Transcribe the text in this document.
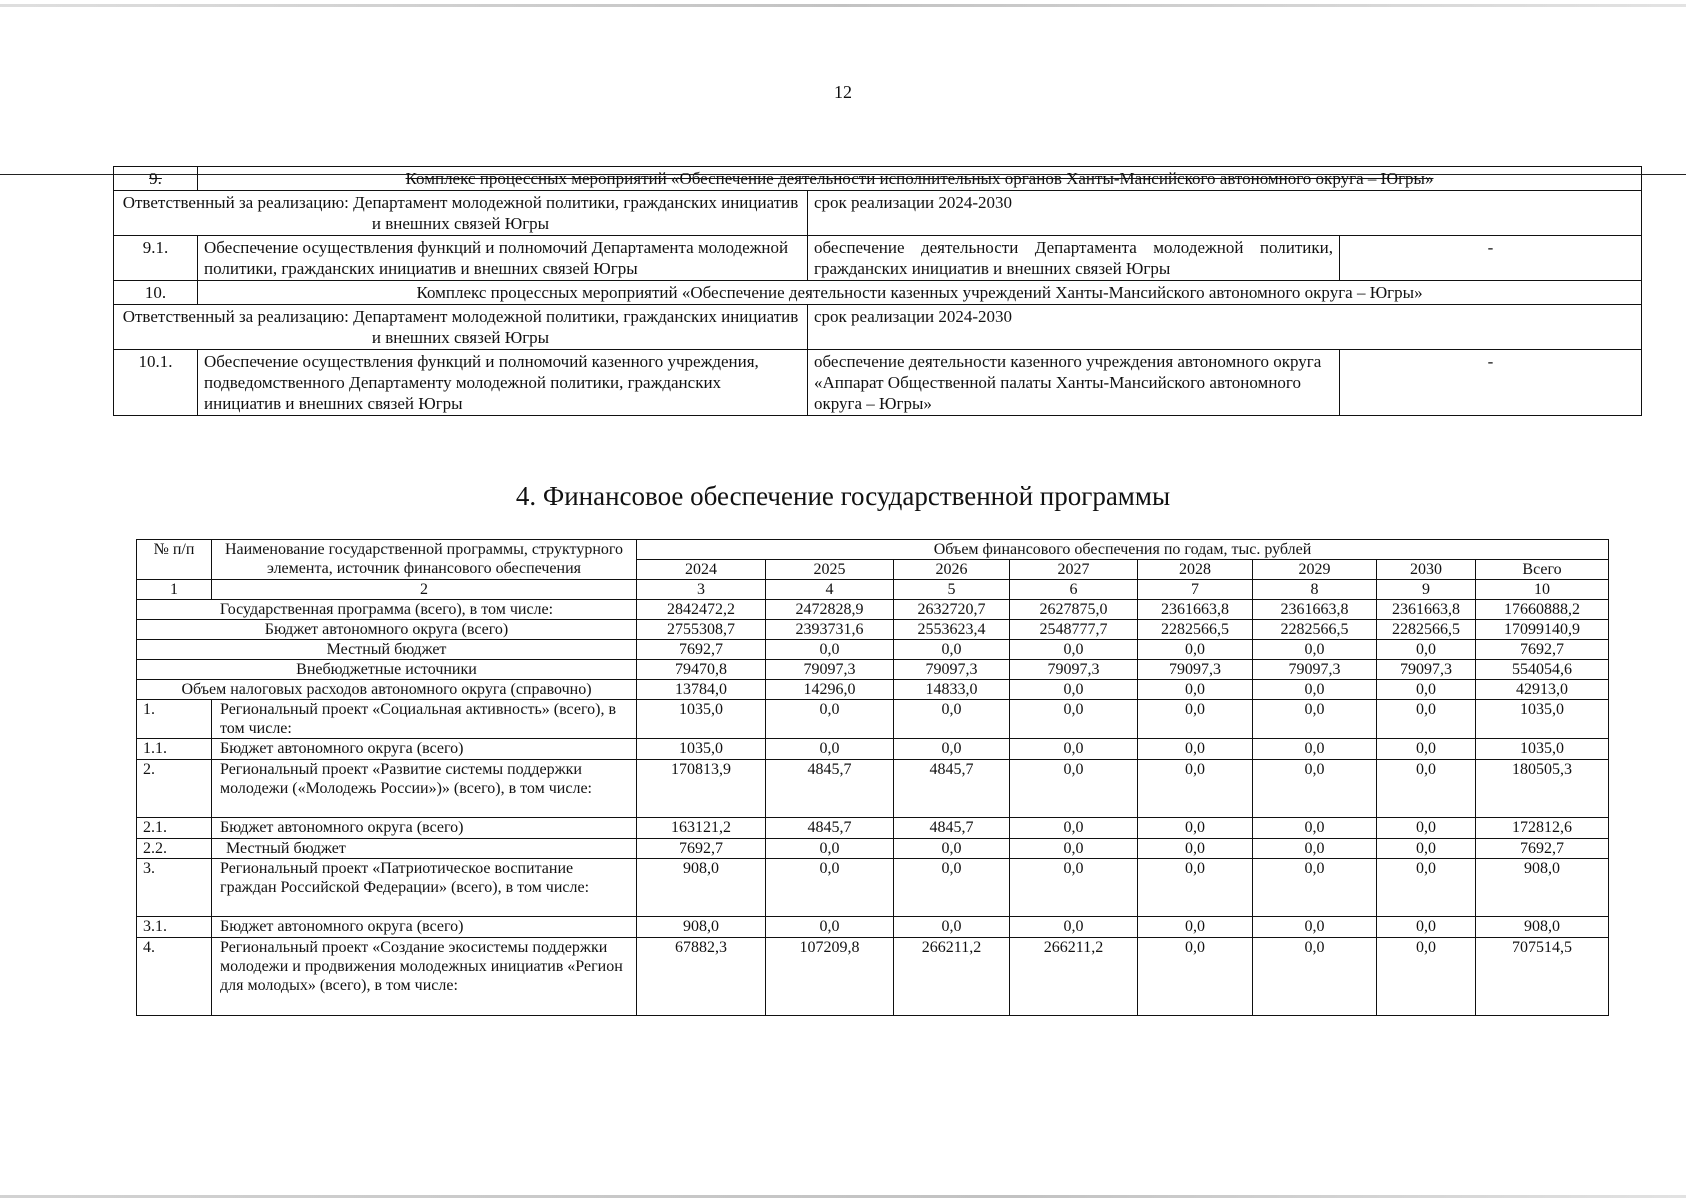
12
9.	Комплекс процессных мероприятий «Обеспечение деятельности исполнительных органов Ханты-Мансийского автономного округа – Югры»		
Ответственный за реализацию: Департамент молодежной политики, гражданских инициатив и внешних связей Югры		срок реализации 2024-2030	
9.1.	Обеспечение осуществления функций и полномочий Департамента молодежной политики, гражданских инициатив и внешних связей Югры	обеспечение деятельности Департамента молодежной политики, гражданских инициатив и внешних связей Югры	-
10.	Комплекс процессных мероприятий «Обеспечение деятельности казенных учреждений Ханты-Мансийского автономного округа – Югры»		
Ответственный за реализацию: Департамент молодежной политики, гражданских инициатив и внешних связей Югры		срок реализации 2024-2030	
10.1.	Обеспечение осуществления функций и полномочий казенного учреждения, подведомственного Департаменту молодежной политики, гражданских инициатив и внешних связей Югры	обеспечение деятельности казенного учреждения автономного округа «Аппарат Общественной палаты Ханты-Мансийского автономного округа – Югры»	-
4. Финансовое обеспечение государственной программы
№ п/п	Наименование государственной программы, структурного элемента, источник финансового обеспечения	Объем финансового обеспечения по годам, тыс. рублей							
		2024	2025	2026	2027	2028	2029	2030	Всего
1	2	3	4	5	6	7	8	9	10
Государственная программа (всего), в том числе:		2842472,2	2472828,9	2632720,7	2627875,0	2361663,8	2361663,8	2361663,8	17660888,2
Бюджет автономного округа (всего)		2755308,7	2393731,6	2553623,4	2548777,7	2282566,5	2282566,5	2282566,5	17099140,9
Местный бюджет		7692,7	0,0	0,0	0,0	0,0	0,0	0,0	7692,7
Внебюджетные источники		79470,8	79097,3	79097,3	79097,3	79097,3	79097,3	79097,3	554054,6
Объем налоговых расходов автономного округа (справочно)		13784,0	14296,0	14833,0	0,0	0,0	0,0	0,0	42913,0
1.	Региональный проект «Социальная активность» (всего), в том числе:	1035,0	0,0	0,0	0,0	0,0	0,0	0,0	1035,0
1.1.	Бюджет автономного округа (всего)	1035,0	0,0	0,0	0,0	0,0	0,0	0,0	1035,0
2.	Региональный проект «Развитие системы поддержки молодежи («Молодежь России»)» (всего), в том числе:	170813,9	4845,7	4845,7	0,0	0,0	0,0	0,0	180505,3
2.1.	Бюджет автономного округа (всего)	163121,2	4845,7	4845,7	0,0	0,0	0,0	0,0	172812,6
2.2.	Местный бюджет	7692,7	0,0	0,0	0,0	0,0	0,0	0,0	7692,7
3.	Региональный проект «Патриотическое воспитание граждан Российской Федерации» (всего), в том числе:	908,0	0,0	0,0	0,0	0,0	0,0	0,0	908,0
3.1.	Бюджет автономного округа (всего)	908,0	0,0	0,0	0,0	0,0	0,0	0,0	908,0
4.	Региональный проект «Создание экосистемы поддержки молодежи и продвижения молодежных инициатив «Регион для молодых» (всего), в том числе:	67882,3	107209,8	266211,2	266211,2	0,0	0,0	0,0	707514,5
